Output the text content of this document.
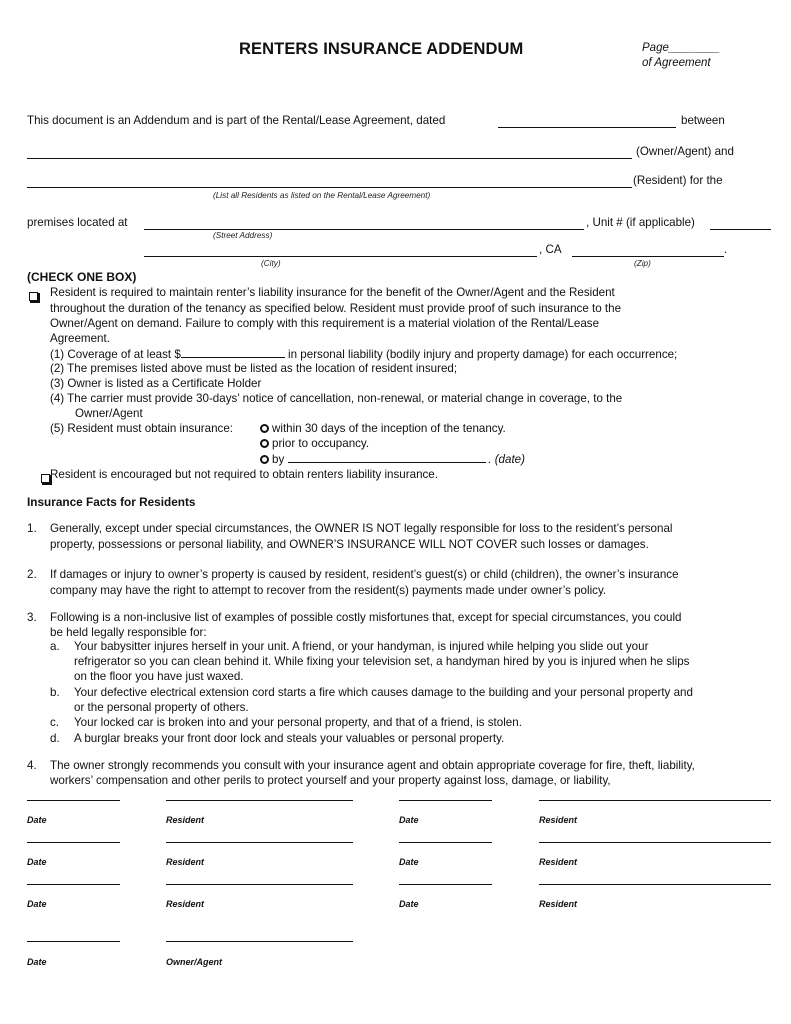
RENTERS INSURANCE ADDENDUM	Page________
of Agreement
This document is an Addendum and is part of the Rental/Lease Agreement, dated	between
(Owner/Agent) and
(Resident) for the
(List all Residents as listed on the Rental/Lease Agreement)
premises located at	, Unit # (if applicable)
(Street Address)
, CA	.
(City)	(Zip)
(CHECK ONE BOX)

Resident is required to maintain renter’s liability insurance for the benefit of the Owner/Agent and the Resident
throughout the duration of the tenancy as specified below. Resident must provide proof of such insurance to the
Owner/Agent on demand. Failure to comply with this requirement is a material violation of the Rental/Lease
Agreement.
(1) Coverage of at least $	in personal liability (bodily injury and property damage) for each occurrence;
(2) The premises listed above must be listed as the location of resident insured;
(3) Owner is listed as a Certificate Holder
(4) The carrier must provide 30-days’ notice of cancellation, non-renewal, or material change in coverage, to the
Owner/Agent
(5) Resident must obtain insurance:	within 30 days of the inception of the tenancy.
prior to occupancy.
by	. (date)
Resident is encouraged but not required to obtain renters liability insurance.
Insurance Facts for Residents
1. Generally, except under special circumstances, the OWNER IS NOT legally responsible for loss to the resident’s personal
property, possessions or personal liability, and OWNER’S INSURANCE WILL NOT COVER such losses or damages.
2. If damages or injury to owner’s property is caused by resident, resident’s guest(s) or child (children), the owner’s insurance
company may have the right to attempt to recover from the resident(s) payments made under owner’s policy.
3. Following is a non-inclusive list of examples of possible costly misfortunes that, except for special circumstances, you could
be held legally responsible for:
a. Your babysitter injures herself in your unit. A friend, or your handyman, is injured while helping you slide out your
refrigerator so you can clean behind it. While fixing your television set, a handyman hired by you is injured when he slips
on the floor you have just waxed.
b. Your defective electrical extension cord starts a fire which causes damage to the building and your personal property and
or the personal property of others.
c. Your locked car is broken into and your personal property, and that of a friend, is stolen.
d. A burglar breaks your front door lock and steals your valuables or personal property.
4. The owner strongly recommends you consult with your insurance agent and obtain appropriate coverage for fire, theft, liability,
workers’ compensation and other perils to protect yourself and your property against loss, damage, or liability,
Date	Resident	Date	Resident
Date	Resident	Date	Resident
Date	Resident	Date	Resident
Date	Owner/Agent
